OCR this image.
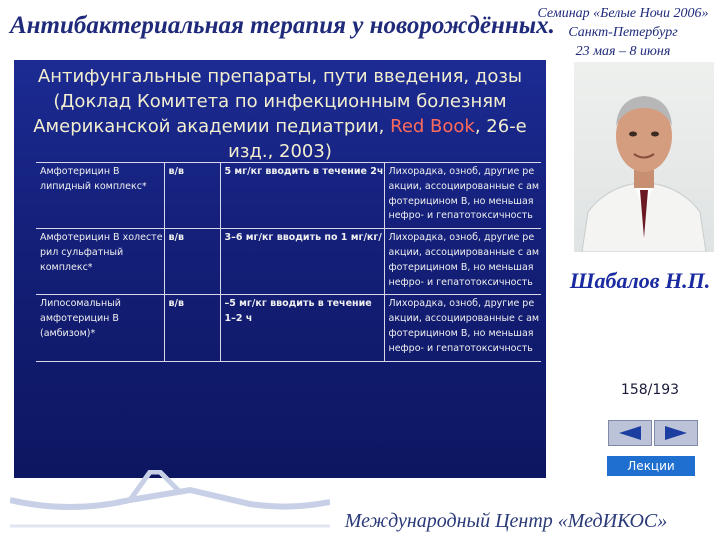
Антибактериальная терапия у новорождённых.
Семинар «Белые Ночи 2006»
Санкт-Петербург
23 мая – 8 июня
Антифунгальные препараты, пути введения, дозы
(Доклад Комитета по инфекционным болезням
Американской академии педиатрии, Red Book, 26-е
изд., 2003)
Амфотерицин В липидный комплекс*	в/в	5 мг/кг вводить в течение 2ч	Лихорадка, озноб, другие ре акции, ассоциированные с ам фотерицином В, но меньшая нефро- и гепатотоксичность
Амфотерицин В холесте рил сульфатный комплекс*	в/в	3–6 мг/кг вводить по 1 мг/кг/	Лихорадка, озноб, другие ре акции, ассоциированные с ам фотерицином В, но меньшая нефро- и гепатотоксичность
Липосомальный амфотерицин В (амбизом)*	в/в	–5 мг/кг вводить в течение 1–2 ч	Лихорадка, озноб, другие ре акции, ассоциированные с ам фотерицином В, но меньшая нефро- и гепатотоксичность
Шабалов Н.П.
158/193
Лекции
Международный Центр «МедИКОС»
